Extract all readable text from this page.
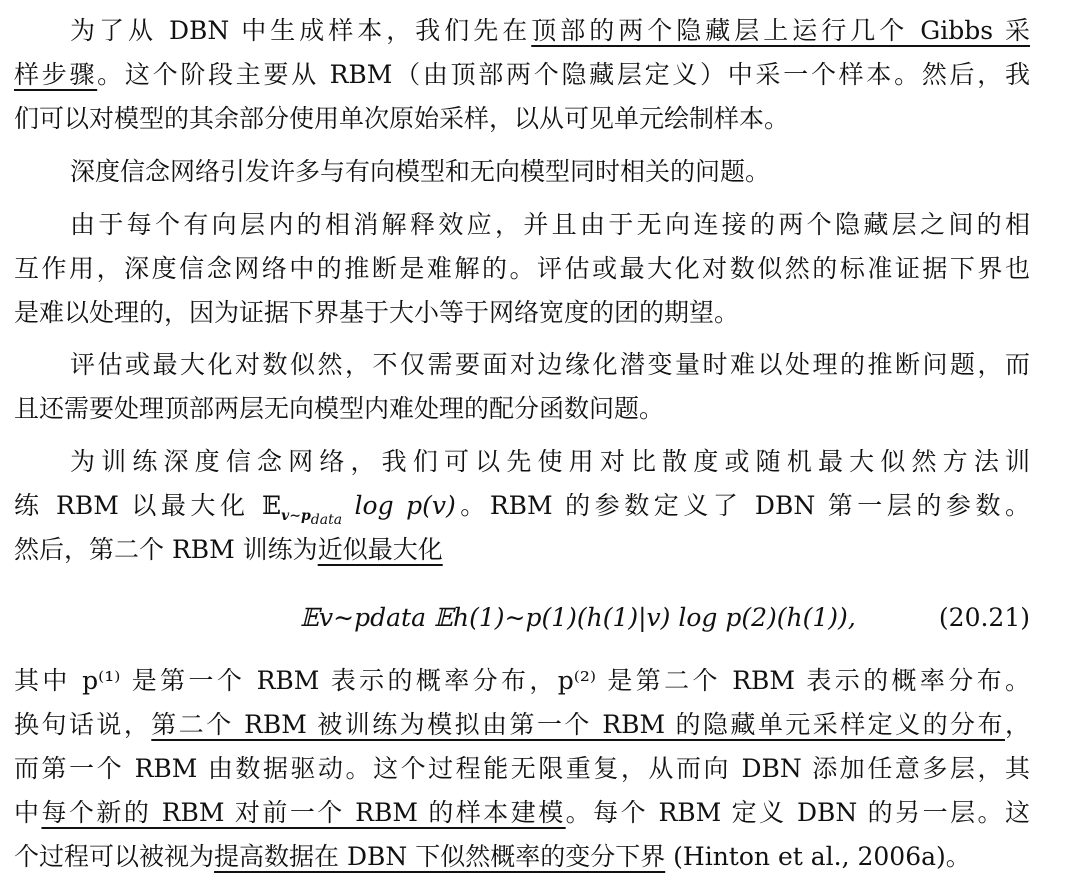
为了从 DBN 中生成样本，我们先在顶部的两个隐藏层上运行几个 Gibbs 采
样步骤。这个阶段主要从 RBM（由顶部两个隐藏层定义）中采一个样本。然后，我
们可以对模型的其余部分使用单次原始采样，以从可见单元绘制样本。
深度信念网络引发许多与有向模型和无向模型同时相关的问题。
由于每个有向层内的相消解释效应，并且由于无向连接的两个隐藏层之间的相
互作用，深度信念网络中的推断是难解的。评估或最大化对数似然的标准证据下界也
是难以处理的，因为证据下界基于大小等于网络宽度的团的期望。
评估或最大化对数似然，不仅需要面对边缘化潜变量时难以处理的推断问题，而
且还需要处理顶部两层无向模型内难处理的配分函数问题。
为训练深度信念网络，我们可以先使用对比散度或随机最大似然方法训
练 RBM 以最大化 𝔼$_{v\sim p_{data}}$ log p(v)。RBM 的参数定义了 DBN 第一层的参数。
然后，第二个 RBM 训练为近似最大化
𝔼v∼pdata 𝔼h(1)∼p(1)(h(1)|v) log p(2)(h(1)),	(20.21)
其中 p⁽¹⁾ 是第一个 RBM 表示的概率分布，p⁽²⁾ 是第二个 RBM 表示的概率分布。
换句话说，第二个 RBM 被训练为模拟由第一个 RBM 的隐藏单元采样定义的分布，
而第一个 RBM 由数据驱动。这个过程能无限重复，从而向 DBN 添加任意多层，其
中每个新的 RBM 对前一个 RBM 的样本建模。每个 RBM 定义 DBN 的另一层。这
个过程可以被视为提高数据在 DBN 下似然概率的变分下界 (Hinton et al., 2006a)。
